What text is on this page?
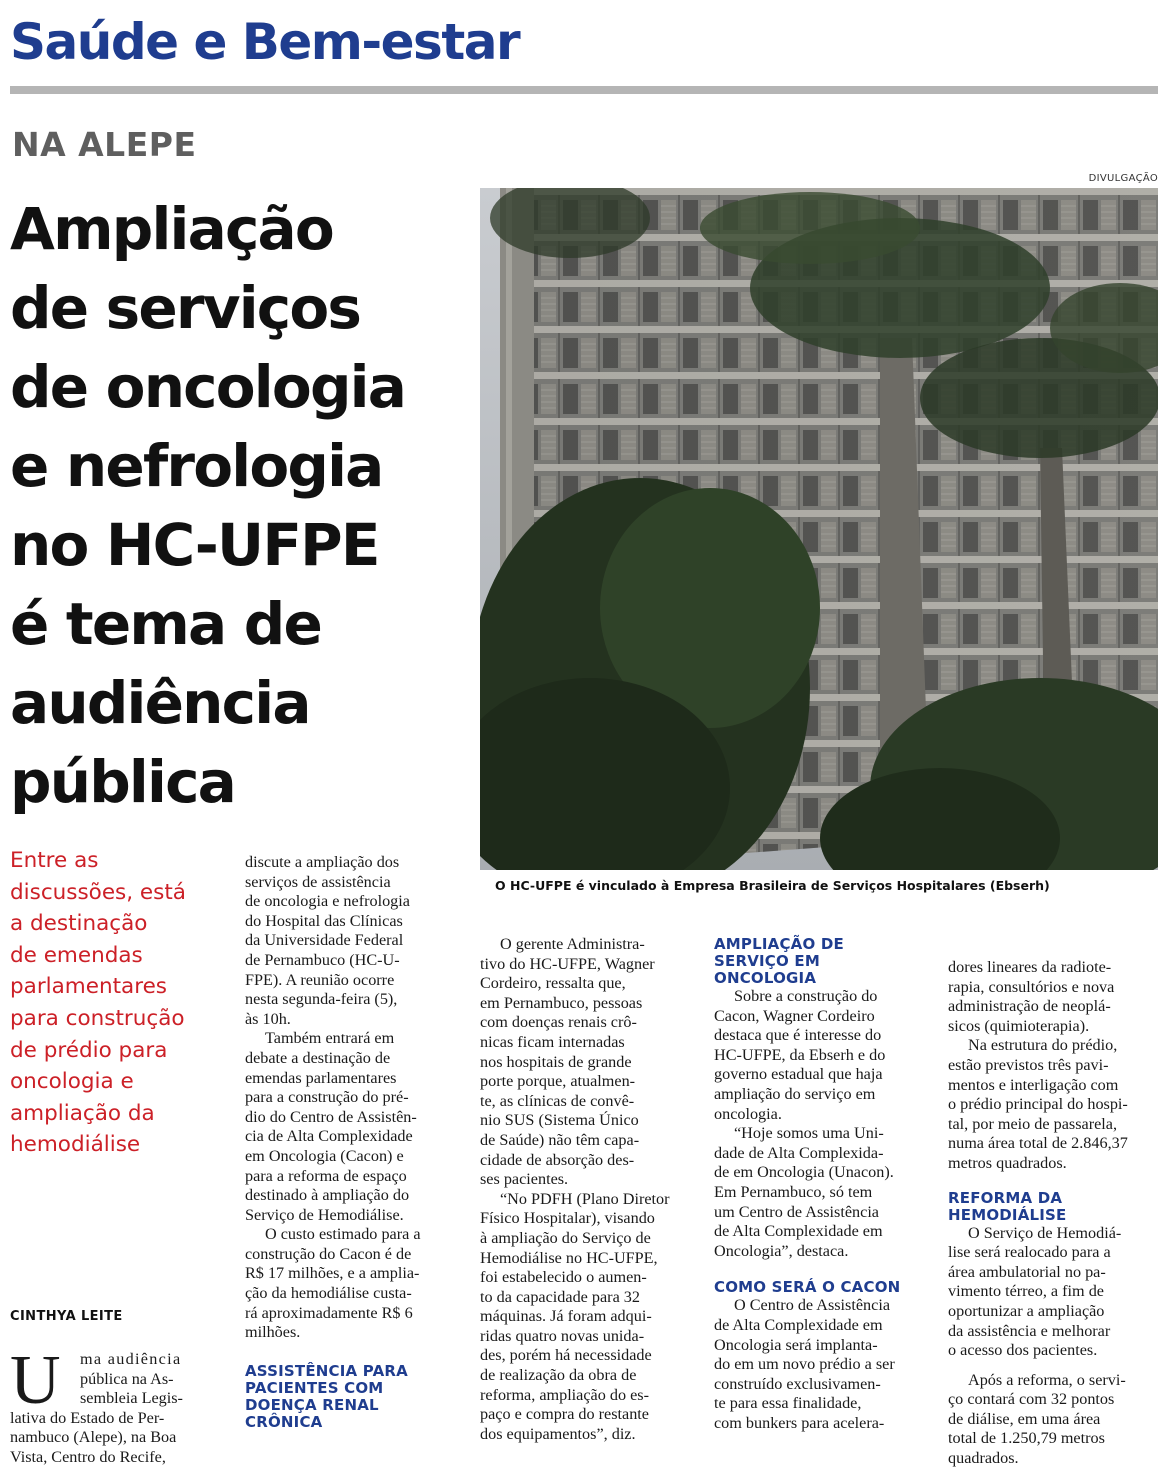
Saúde e Bem-estar
NA ALEPE
Ampliação
de serviços
de oncologia
e nefrologia
no HC-UFPE
é tema de
audiência
pública
DIVULGAÇÃO
O HC-UFPE é vinculado à Empresa Brasileira de Serviços Hospitalares (Ebserh)
Entre as
discussões, está
a destinação
de emendas
parlamentares
para construção
de prédio para
oncologia e
ampliação da
hemodiálise
CINTHYA LEITE
U	ma audiência
pública na As-
sembleia Legis-
lativa do Estado de Per-
nambuco (Alepe), na Boa
Vista, Centro do Recife,
discute a ampliação dos
serviços de assistência
de oncologia e nefrologia
do Hospital das Clínicas
da Universidade Federal
de Pernambuco (HC-U-
FPE). A reunião ocorre
nesta segunda-feira (5),
às 10h.
Também entrará em
debate a destinação de
emendas parlamentares
para a construção do pré-
dio do Centro de Assistên-
cia de Alta Complexidade
em Oncologia (Cacon) e
para a reforma de espaço
destinado à ampliação do
Serviço de Hemodiálise.
O custo estimado para a
construção do Cacon é de
R$ 17 milhões, e a amplia-
ção da hemodiálise custa-
rá aproximadamente R$ 6
milhões.
ASSISTÊNCIA PARA
PACIENTES COM
DOENÇA RENAL
CRÔNICA
O gerente Administra-
tivo do HC-UFPE, Wagner
Cordeiro, ressalta que,
em Pernambuco, pessoas
com doenças renais crô-
nicas ficam internadas
nos hospitais de grande
porte porque, atualmen-
te, as clínicas de convê-
nio SUS (Sistema Único
de Saúde) não têm capa-
cidade de absorção des-
ses pacientes.
“No PDFH (Plano Diretor
Físico Hospitalar), visando
à ampliação do Serviço de
Hemodiálise no HC-UFPE,
foi estabelecido o aumen-
to da capacidade para 32
máquinas. Já foram adqui-
ridas quatro novas unida-
des, porém há necessidade
de realização da obra de
reforma, ampliação do es-
paço e compra do restante
dos equipamentos”, diz.
AMPLIAÇÃO DE
SERVIÇO EM
ONCOLOGIA
Sobre a construção do
Cacon, Wagner Cordeiro
destaca que é interesse do
HC-UFPE, da Ebserh e do
governo estadual que haja
ampliação do serviço em
oncologia.
“Hoje somos uma Uni-
dade de Alta Complexida-
de em Oncologia (Unacon).
Em Pernambuco, só tem
um Centro de Assistência
de Alta Complexidade em
Oncologia”, destaca.
COMO SERÁ O CACON
O Centro de Assistência
de Alta Complexidade em
Oncologia será implanta-
do em um novo prédio a ser
construído exclusivamen-
te para essa finalidade,
com bunkers para acelera-
dores lineares da radiote-
rapia, consultórios e nova
administração de neoplá-
sicos (quimioterapia).
Na estrutura do prédio,
estão previstos três pavi-
mentos e interligação com
o prédio principal do hospi-
tal, por meio de passarela,
numa área total de 2.846,37
metros quadrados.
REFORMA DA
HEMODIÁLISE
O Serviço de Hemodiá-
lise será realocado para a
área ambulatorial no pa-
vimento térreo, a fim de
oportunizar a ampliação
da assistência e melhorar
o acesso dos pacientes.
Após a reforma, o servi-
ço contará com 32 pontos
de diálise, em uma área
total de 1.250,79 metros
quadrados.
